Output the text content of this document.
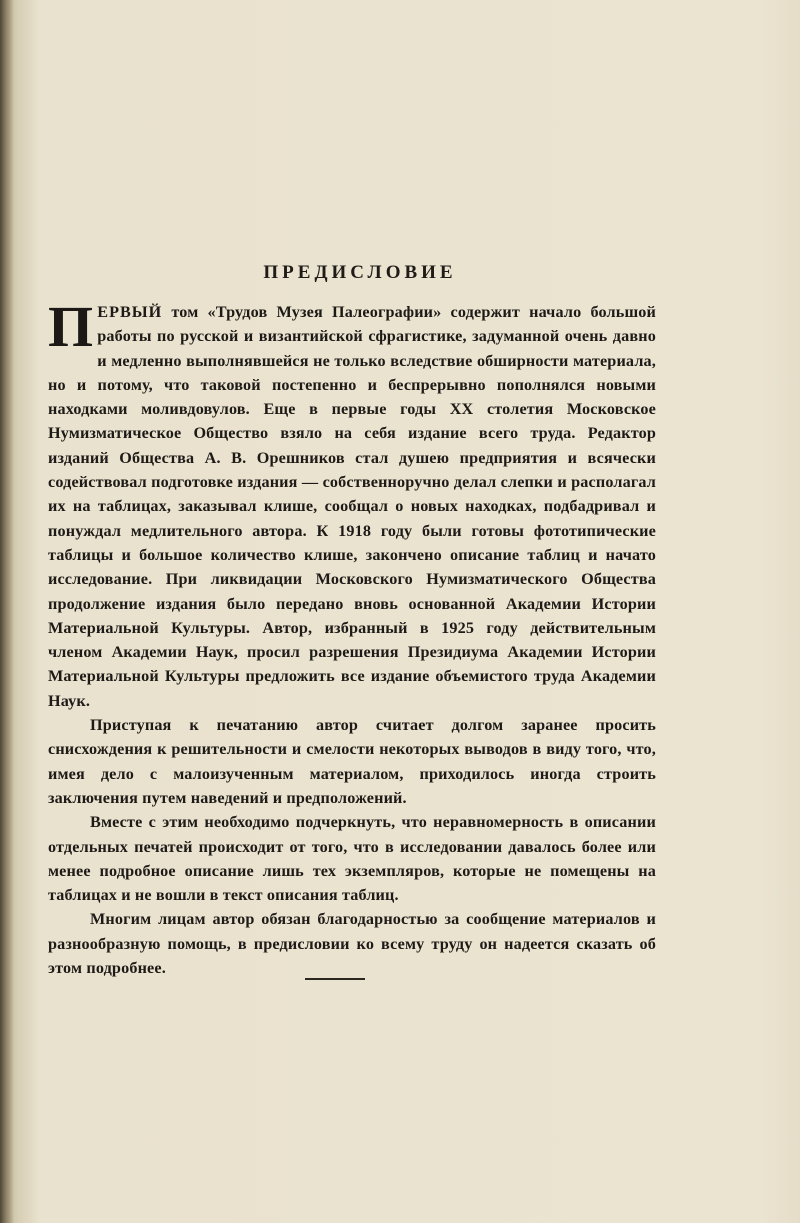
ПРЕДИСЛОВИЕ

ПЕРВЫЙ том «Трудов Музея Палеографии» содержит начало большой работы по русской и византийской сфрагистике, задуманной очень давно и медленно выполнявшейся не только вследствие обширности материала, но и потому, что таковой постепенно и беспрерывно пополнялся новыми находками моливдовулов. Еще в первые годы XX столетия Московское Нумизматическое Общество взяло на себя издание всего труда. Редактор изданий Общества А. В. Орешников стал душею предприятия и всячески содействовал подготовке издания — собственноручно делал слепки и располагал их на таблицах, заказывал клише, сообщал о новых находках, подбадривал и понуждал медлительного автора. К 1918 году были готовы фототипические таблицы и большое количество клише, закончено описание таблиц и начато исследование. При ликвидации Московского Нумизматического Общества продолжение издания было передано вновь основанной Академии Истории Материальной Культуры. Автор, избранный в 1925 году действительным членом Академии Наук, просил разрешения Президиума Академии Истории Материальной Культуры предложить все издание объемистого труда Академии Наук.

Приступая к печатанию автор считает долгом заранее просить снисхождения к решительности и смелости некоторых выводов в виду того, что, имея дело с малоизученным материалом, приходилось иногда строить заключения путем наведений и предположений.

Вместе с этим необходимо подчеркнуть, что неравномерность в описании отдельных печатей происходит от того, что в исследовании давалось более или менее подробное описание лишь тех экземпляров, которые не помещены на таблицах и не вошли в текст описания таблиц.

Многим лицам автор обязан благодарностью за сообщение материалов и разнообразную помощь, в предисловии ко всему труду он надеется сказать об этом подробнее.
